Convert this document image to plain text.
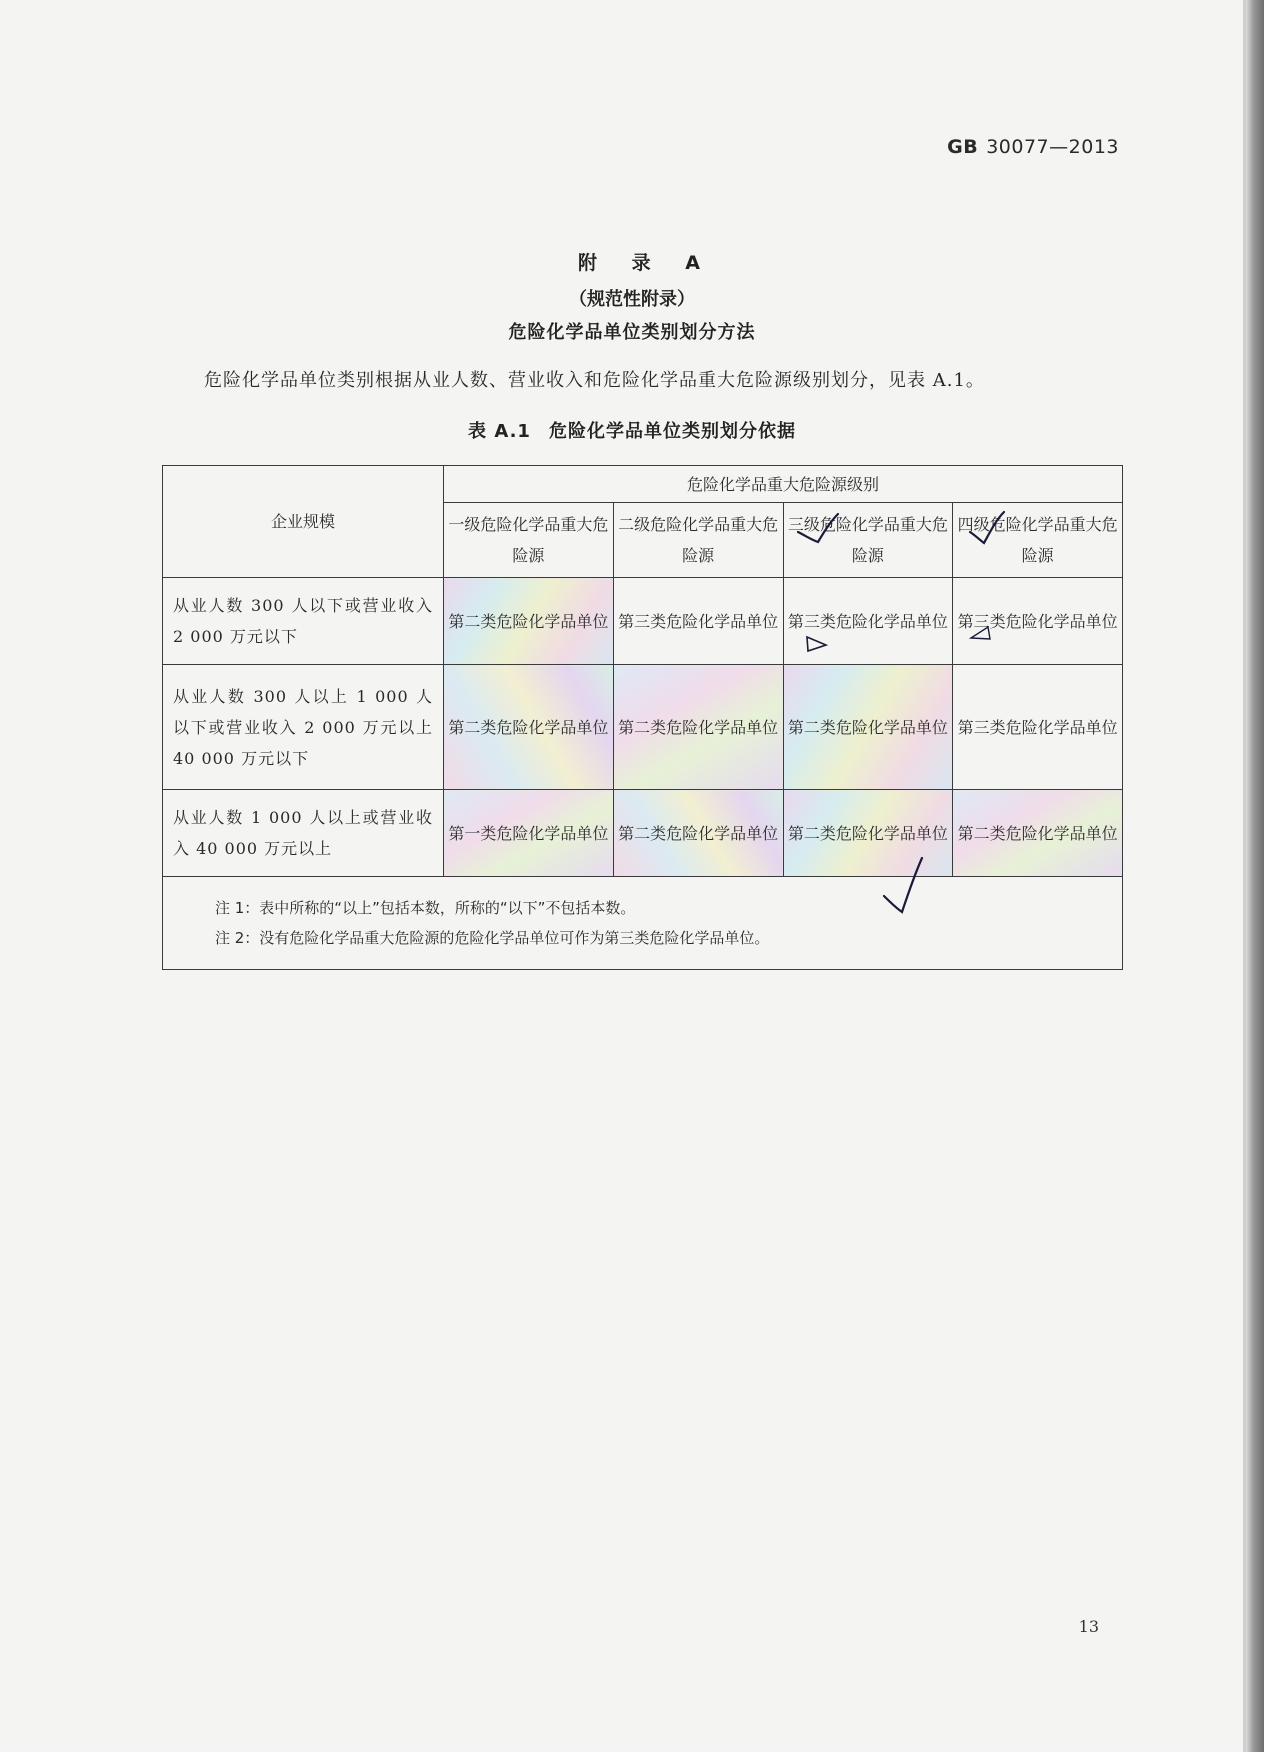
GB 30077—2013
附 录 A
（规范性附录）
危险化学品单位类别划分方法
危险化学品单位类别根据从业人数、营业收入和危险化学品重大危险源级别划分，见表 A.1。
表 A.1 危险化学品单位类别划分依据
企业规模	危险化学品重大危险源级别			
	一级危险化学品重大危险源	二级危险化学品重大危险源	三级危险化学品重大危险源	四级危险化学品重大危险源
从业人数 300 人以下或营业收入 2 000 万元以下	第二类危险化学品单位	第三类危险化学品单位	第三类危险化学品单位	第三类危险化学品单位
从业人数 300 人以上 1 000 人以下或营业收入 2 000 万元以上 40 000 万元以下	第二类危险化学品单位	第二类危险化学品单位	第二类危险化学品单位	第三类危险化学品单位
从业人数 1 000 人以上或营业收入 40 000 万元以上	第一类危险化学品单位	第二类危险化学品单位	第二类危险化学品单位	第二类危险化学品单位

注 1：表中所称的“以上”包括本数，所称的“以下”不包括本数。
注 2：没有危险化学品重大危险源的危险化学品单位可作为第三类危险化学品单位。				
13
